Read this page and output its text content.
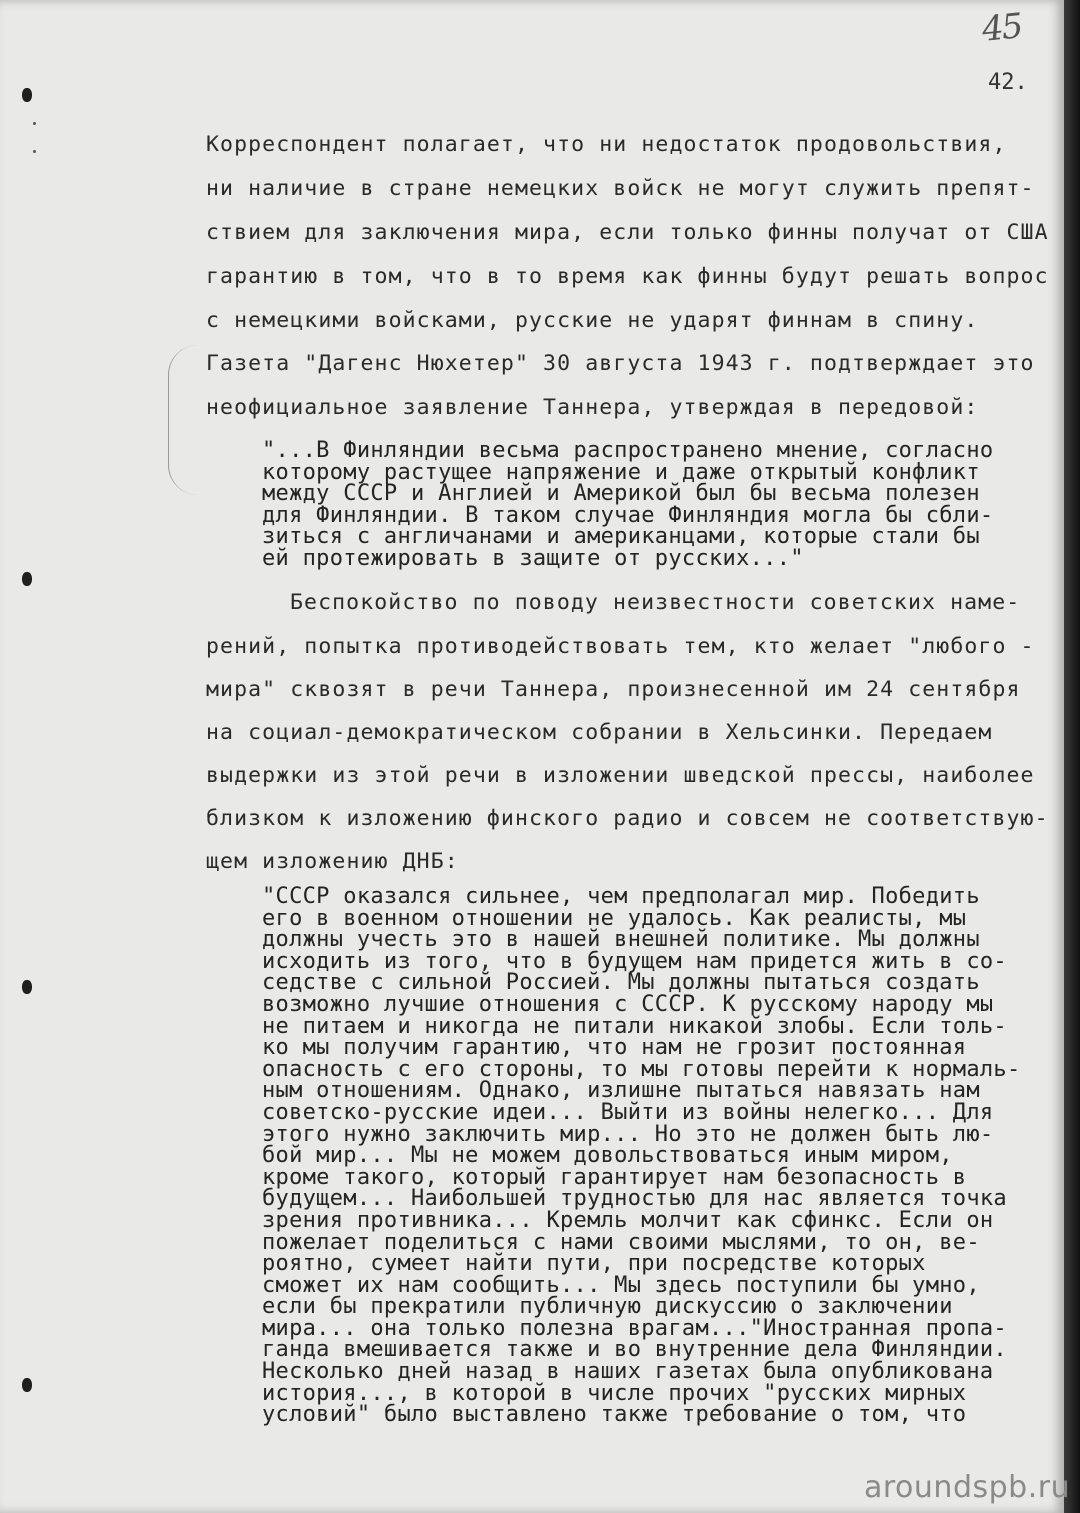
45
42.
Корреспондент полагает, что ни недостаток продовольствия,
ни наличие в стране немецких войск не могут служить препят-
ствием для заключения мира, если только финны получат от США
гарантию в том, что в то время как финны будут решать вопрос
с немецкими войсками, русские не ударят финнам в спину.
Газета "Дагенс Нюхетер" 30 августа 1943 г. подтверждает это
неофициальное заявление Таннера, утверждая в передовой:
"...В Финляндии весьма распространено мнение, согласно
которому растущее напряжение и даже открытый конфликт
между СССР и Англией и Америкой был бы весьма полезен
для Финляндии. В таком случае Финляндия могла бы сбли-
зиться с англичанами и американцами, которые стали бы
ей протежировать в защите от русских..."
Беспокойство по поводу неизвестности советских наме-
рений, попытка противодействовать тем, кто желает "любого -
мира" сквозят в речи Таннера, произнесенной им 24 сентября
на социал-демократическом собрании в Хельсинки. Передаем
выдержки из этой речи в изложении шведской прессы, наиболее
близком к изложению финского радио и совсем не соответствую-
щем изложению ДНБ:
"СССР оказался сильнее, чем предполагал мир. Победить
его в военном отношении не удалось. Как реалисты, мы
должны учесть это в нашей внешней политике. Мы должны
исходить из того, что в будущем нам придется жить в со-
седстве с сильной Россией. Мы должны пытаться создать
возможно лучшие отношения с СССР. К русскому народу мы
не питаем и никогда не питали никакой злобы. Если толь-
ко мы получим гарантию, что нам не грозит постоянная
опасность с его стороны, то мы готовы перейти к нормаль-
ным отношениям. Однако, излишне пытаться навязать нам
советско-русские идеи... Выйти из войны нелегко... Для
этого нужно заключить мир... Но это не должен быть лю-
бой мир... Мы не можем довольствоваться иным миром,
кроме такого, который гарантирует нам безопасность в
будущем... Наибольшей трудностью для нас является точка
зрения противника... Кремль молчит как сфинкс. Если он
пожелает поделиться с нами своими мыслями, то он, ве-
роятно, сумеет найти пути, при посредстве которых
сможет их нам сообщить... Мы здесь поступили бы умно,
если бы прекратили публичную дискуссию о заключении
мира... она только полезна врагам..."Иностранная пропа-
ганда вмешивается также и во внутренние дела Финляндии.
Несколько дней назад в наших газетах была опубликована
история..., в которой в числе прочих "русских мирных
условий" было выставлено также требование о том, что
aroundspb.ru
